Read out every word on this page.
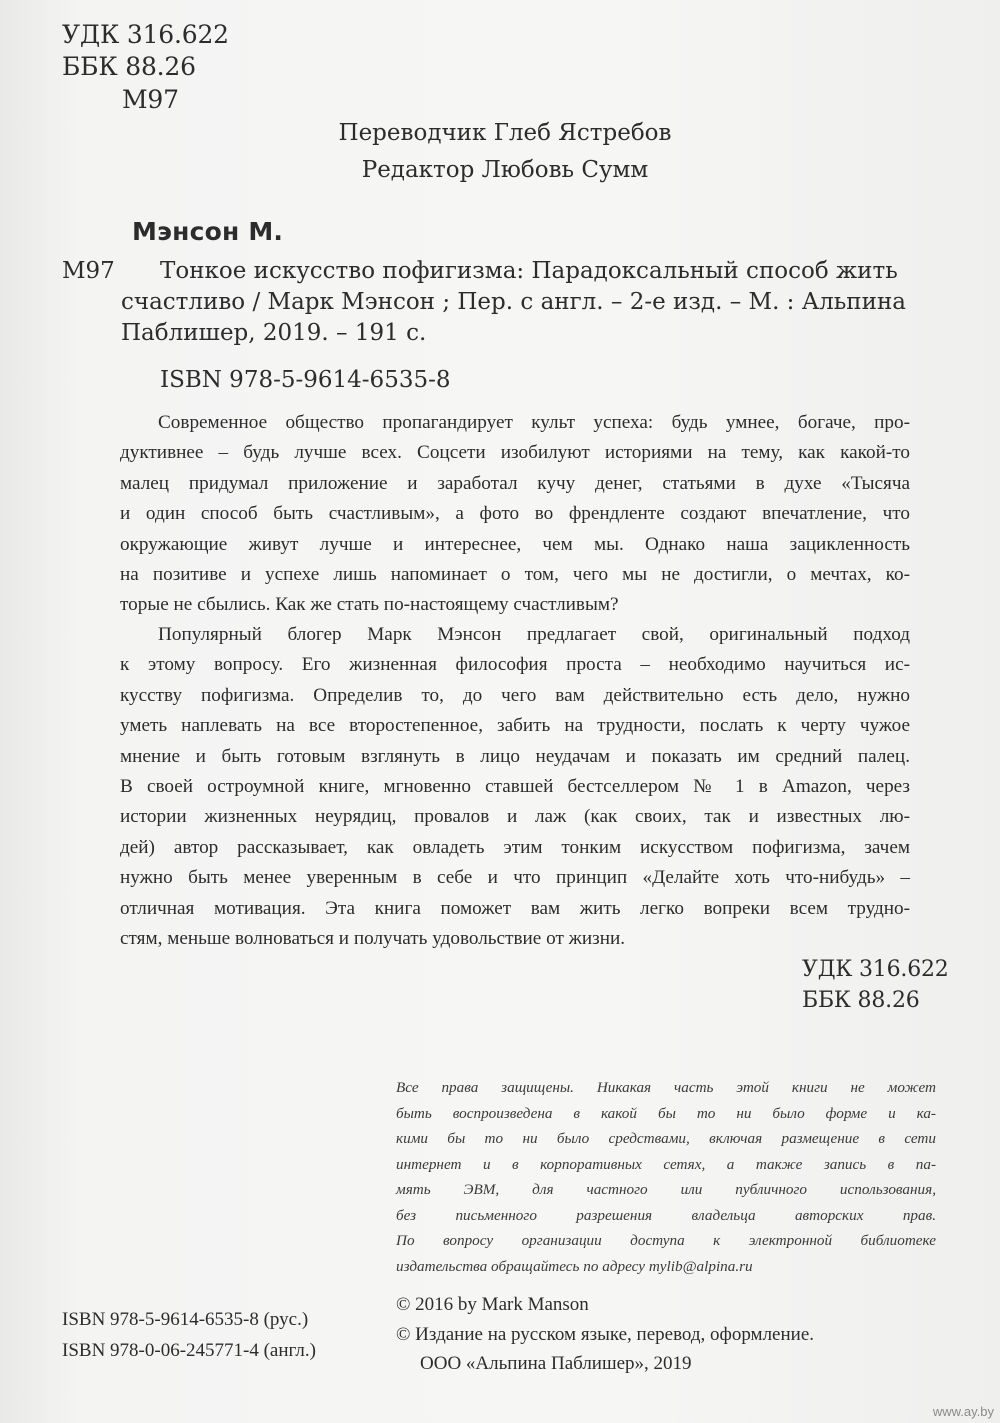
УДК 316.622
ББК 88.26
М97
Переводчик Глеб Ястребов
Редактор Любовь Сумм
Мэнсон М.
М97 Тонкое искусство пофигизма: Парадоксальный способ жить
счастливо / Марк Мэнсон ; Пер. с англ. – 2-е изд. – М. : Альпина
Паблишер, 2019. – 191 с.
ISBN 978-5-9614-6535-8
Современное общество пропагандирует культ успеха: будь умнее, богаче, про-
дуктивнее – будь лучше всех. Соцсети изобилуют историями на тему, как какой-то
малец придумал приложение и заработал кучу денег, статьями в духе «Тысяча
и один способ быть счастливым», а фото во френдленте создают впечатление, что
окружающие живут лучше и интереснее, чем мы. Однако наша зацикленность
на позитиве и успехе лишь напоминает о том, чего мы не достигли, о мечтах, ко-
торые не сбылись. Как же стать по-настоящему счастливым?
Популярный блогер Марк Мэнсон предлагает свой, оригинальный подход
к этому вопросу. Его жизненная философия проста – необходимо научиться ис-
кусству пофигизма. Определив то, до чего вам действительно есть дело, нужно
уметь наплевать на все второстепенное, забить на трудности, послать к черту чужое
мнение и быть готовым взглянуть в лицо неудачам и показать им средний палец.
В своей остроумной книге, мгновенно ставшей бестселлером № 1 в Amazon, через
истории жизненных неурядиц, провалов и лаж (как своих, так и известных лю-
дей) автор рассказывает, как овладеть этим тонким искусством пофигизма, зачем
нужно быть менее уверенным в себе и что принцип «Делайте хоть что-нибудь» –
отличная мотивация. Эта книга поможет вам жить легко вопреки всем трудно-
стям, меньше волноваться и получать удовольствие от жизни.
УДК 316.622
ББК 88.26
Все права защищены. Никакая часть этой книги не может
быть воспроизведена в какой бы то ни было форме и ка-
кими бы то ни было средствами, включая размещение в сети
интернет и в корпоративных сетях, а также запись в па-
мять ЭВМ, для частного или публичного использования,
без письменного разрешения владельца авторских прав.
По вопросу организации доступа к электронной библиотеке
издательства обращайтесь по адресу mylib@alpina.ru
ISBN 978-5-9614-6535-8 (рус.)
ISBN 978-0-06-245771-4 (англ.)
© 2016 by Mark Manson
© Издание на русском языке, перевод, оформление.
ООО «Альпина Паблишер», 2019
www.ay.by
